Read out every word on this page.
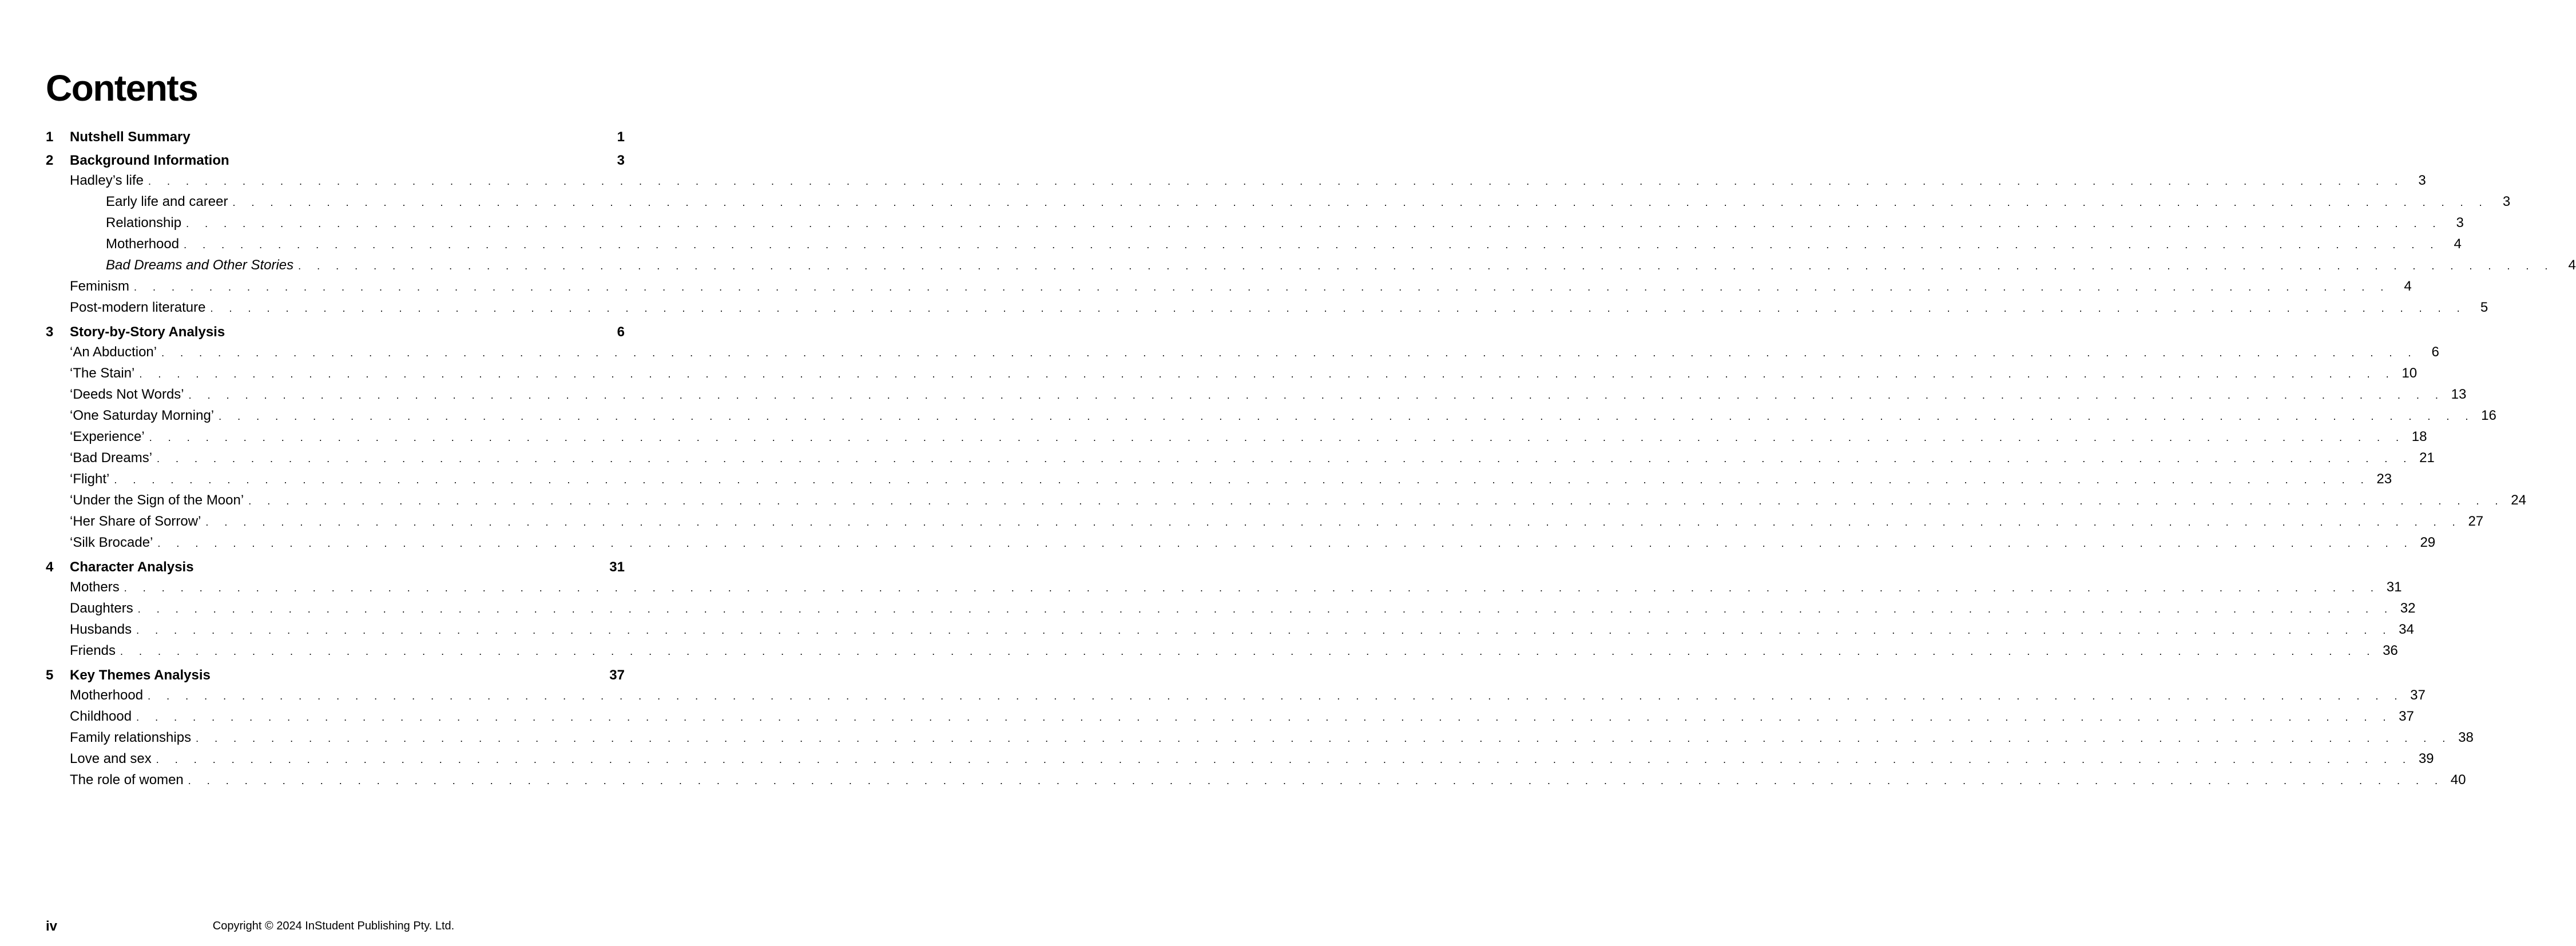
Contents
1	Nutshell Summary	1
2	Background Information	3
Hadley’s life . . . . . . . . . . . . . . . . . . . . . . . . . . . . . . . . . . . . . . . . . . . . . . . . . . . . . . . . . . . . . . . . . . . . . . . . . . . . . . . . . . . . . . . . . . . . . . . . . . . . . . . . . . . . . . . . . . . . . . . .	3
Early life and career . . . . . . . . . . . . . . . . . . . . . . . . . . . . . . . . . . . . . . . . . . . . . . . . . . . . . . . . . . . . . . . . . . . . . . . . . . . . . . . . . . . . . . . . . . . . . . . . . . . . . . . . . . . . . . . . . . . . . . . .	3
Relationship . . . . . . . . . . . . . . . . . . . . . . . . . . . . . . . . . . . . . . . . . . . . . . . . . . . . . . . . . . . . . . . . . . . . . . . . . . . . . . . . . . . . . . . . . . . . . . . . . . . . . . . . . . . . . . . . . . . . . . . .	3
Motherhood . . . . . . . . . . . . . . . . . . . . . . . . . . . . . . . . . . . . . . . . . . . . . . . . . . . . . . . . . . . . . . . . . . . . . . . . . . . . . . . . . . . . . . . . . . . . . . . . . . . . . . . . . . . . . . . . . . . . . . . .	4
Bad Dreams and Other Stories . . . . . . . . . . . . . . . . . . . . . . . . . . . . . . . . . . . . . . . . . . . . . . . . . . . . . . . . . . . . . . . . . . . . . . . . . . . . . . . . . . . . . . . . . . . . . . . . . . . . . . . . . . . . . . . . . . . . . . . .	4
Feminism . . . . . . . . . . . . . . . . . . . . . . . . . . . . . . . . . . . . . . . . . . . . . . . . . . . . . . . . . . . . . . . . . . . . . . . . . . . . . . . . . . . . . . . . . . . . . . . . . . . . . . . . . . . . . . . . . . . . . . . .	4
Post-modern literature . . . . . . . . . . . . . . . . . . . . . . . . . . . . . . . . . . . . . . . . . . . . . . . . . . . . . . . . . . . . . . . . . . . . . . . . . . . . . . . . . . . . . . . . . . . . . . . . . . . . . . . . . . . . . . . . . . . . . . . .	5
3	Story-by-Story Analysis	6
‘An Abduction’ . . . . . . . . . . . . . . . . . . . . . . . . . . . . . . . . . . . . . . . . . . . . . . . . . . . . . . . . . . . . . . . . . . . . . . . . . . . . . . . . . . . . . . . . . . . . . . . . . . . . . . . . . . . . . . . . . . . . . . . .	6
‘The Stain’ . . . . . . . . . . . . . . . . . . . . . . . . . . . . . . . . . . . . . . . . . . . . . . . . . . . . . . . . . . . . . . . . . . . . . . . . . . . . . . . . . . . . . . . . . . . . . . . . . . . . . . . . . . . . . . . . . . . . . . . . 10
‘Deeds Not Words’ . . . . . . . . . . . . . . . . . . . . . . . . . . . . . . . . . . . . . . . . . . . . . . . . . . . . . . . . . . . . . . . . . . . . . . . . . . . . . . . . . . . . . . . . . . . . . . . . . . . . . . . . . . . . . . . . . . . . . . . . 13
‘One Saturday Morning’ . . . . . . . . . . . . . . . . . . . . . . . . . . . . . . . . . . . . . . . . . . . . . . . . . . . . . . . . . . . . . . . . . . . . . . . . . . . . . . . . . . . . . . . . . . . . . . . . . . . . . . . . . . . . . . . . . . . . . . . . 16
‘Experience’ . . . . . . . . . . . . . . . . . . . . . . . . . . . . . . . . . . . . . . . . . . . . . . . . . . . . . . . . . . . . . . . . . . . . . . . . . . . . . . . . . . . . . . . . . . . . . . . . . . . . . . . . . . . . . . . . . . . . . . . . 18
‘Bad Dreams’ . . . . . . . . . . . . . . . . . . . . . . . . . . . . . . . . . . . . . . . . . . . . . . . . . . . . . . . . . . . . . . . . . . . . . . . . . . . . . . . . . . . . . . . . . . . . . . . . . . . . . . . . . . . . . . . . . . . . . . . . 21
‘Flight’ . . . . . . . . . . . . . . . . . . . . . . . . . . . . . . . . . . . . . . . . . . . . . . . . . . . . . . . . . . . . . . . . . . . . . . . . . . . . . . . . . . . . . . . . . . . . . . . . . . . . . . . . . . . . . . . . . . . . . . . . 23
‘Under the Sign of the Moon’ . . . . . . . . . . . . . . . . . . . . . . . . . . . . . . . . . . . . . . . . . . . . . . . . . . . . . . . . . . . . . . . . . . . . . . . . . . . . . . . . . . . . . . . . . . . . . . . . . . . . . . . . . . . . . . . . . . . . . . . . 24
‘Her Share of Sorrow’ . . . . . . . . . . . . . . . . . . . . . . . . . . . . . . . . . . . . . . . . . . . . . . . . . . . . . . . . . . . . . . . . . . . . . . . . . . . . . . . . . . . . . . . . . . . . . . . . . . . . . . . . . . . . . . . . . . . . . . . . 27
‘Silk Brocade’ . . . . . . . . . . . . . . . . . . . . . . . . . . . . . . . . . . . . . . . . . . . . . . . . . . . . . . . . . . . . . . . . . . . . . . . . . . . . . . . . . . . . . . . . . . . . . . . . . . . . . . . . . . . . . . . . . . . . . . . . 29
4	Character Analysis	31
Mothers . . . . . . . . . . . . . . . . . . . . . . . . . . . . . . . . . . . . . . . . . . . . . . . . . . . . . . . . . . . . . . . . . . . . . . . . . . . . . . . . . . . . . . . . . . . . . . . . . . . . . . . . . . . . . . . . . . . . . . . . 31
Daughters . . . . . . . . . . . . . . . . . . . . . . . . . . . . . . . . . . . . . . . . . . . . . . . . . . . . . . . . . . . . . . . . . . . . . . . . . . . . . . . . . . . . . . . . . . . . . . . . . . . . . . . . . . . . . . . . . . . . . . . . 32
Husbands . . . . . . . . . . . . . . . . . . . . . . . . . . . . . . . . . . . . . . . . . . . . . . . . . . . . . . . . . . . . . . . . . . . . . . . . . . . . . . . . . . . . . . . . . . . . . . . . . . . . . . . . . . . . . . . . . . . . . . . . 34
Friends . . . . . . . . . . . . . . . . . . . . . . . . . . . . . . . . . . . . . . . . . . . . . . . . . . . . . . . . . . . . . . . . . . . . . . . . . . . . . . . . . . . . . . . . . . . . . . . . . . . . . . . . . . . . . . . . . . . . . . . . 36
5	Key Themes Analysis	37
Motherhood . . . . . . . . . . . . . . . . . . . . . . . . . . . . . . . . . . . . . . . . . . . . . . . . . . . . . . . . . . . . . . . . . . . . . . . . . . . . . . . . . . . . . . . . . . . . . . . . . . . . . . . . . . . . . . . . . . . . . . . . 37
Childhood . . . . . . . . . . . . . . . . . . . . . . . . . . . . . . . . . . . . . . . . . . . . . . . . . . . . . . . . . . . . . . . . . . . . . . . . . . . . . . . . . . . . . . . . . . . . . . . . . . . . . . . . . . . . . . . . . . . . . . . . 37
Family relationships . . . . . . . . . . . . . . . . . . . . . . . . . . . . . . . . . . . . . . . . . . . . . . . . . . . . . . . . . . . . . . . . . . . . . . . . . . . . . . . . . . . . . . . . . . . . . . . . . . . . . . . . . . . . . . . . . . . . . . . . 38
Love and sex . . . . . . . . . . . . . . . . . . . . . . . . . . . . . . . . . . . . . . . . . . . . . . . . . . . . . . . . . . . . . . . . . . . . . . . . . . . . . . . . . . . . . . . . . . . . . . . . . . . . . . . . . . . . . . . . . . . . . . . . 39
The role of women . . . . . . . . . . . . . . . . . . . . . . . . . . . . . . . . . . . . . . . . . . . . . . . . . . . . . . . . . . . . . . . . . . . . . . . . . . . . . . . . . . . . . . . . . . . . . . . . . . . . . . . . . . . . . . . . . . . . . . . . 40
iv	Copyright © 2024 InStudent Publishing Pty. Ltd.
